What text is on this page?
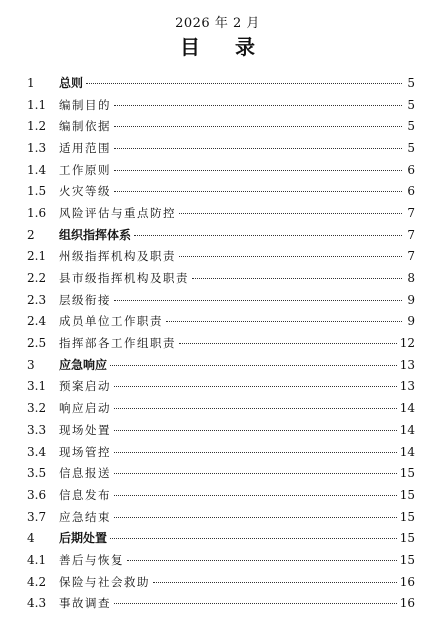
2026 年 2 月
目 录
1	总则	5
1.1	编制目的	5
1.2	编制依据	5
1.3	适用范围	5
1.4	工作原则	6
1.5	火灾等级	6
1.6	风险评估与重点防控	7
2	组织指挥体系	7
2.1	州级指挥机构及职责	7
2.2	县市级指挥机构及职责	8
2.3	层级衔接	9
2.4	成员单位工作职责	9
2.5	指挥部各工作组职责	12
3	应急响应	13
3.1	预案启动	13
3.2	响应启动	14
3.3	现场处置	14
3.4	现场管控	14
3.5	信息报送	15
3.6	信息发布	15
3.7	应急结束	15
4	后期处置	15
4.1	善后与恢复	15
4.2	保险与社会救助	16
4.3	事故调查	16
